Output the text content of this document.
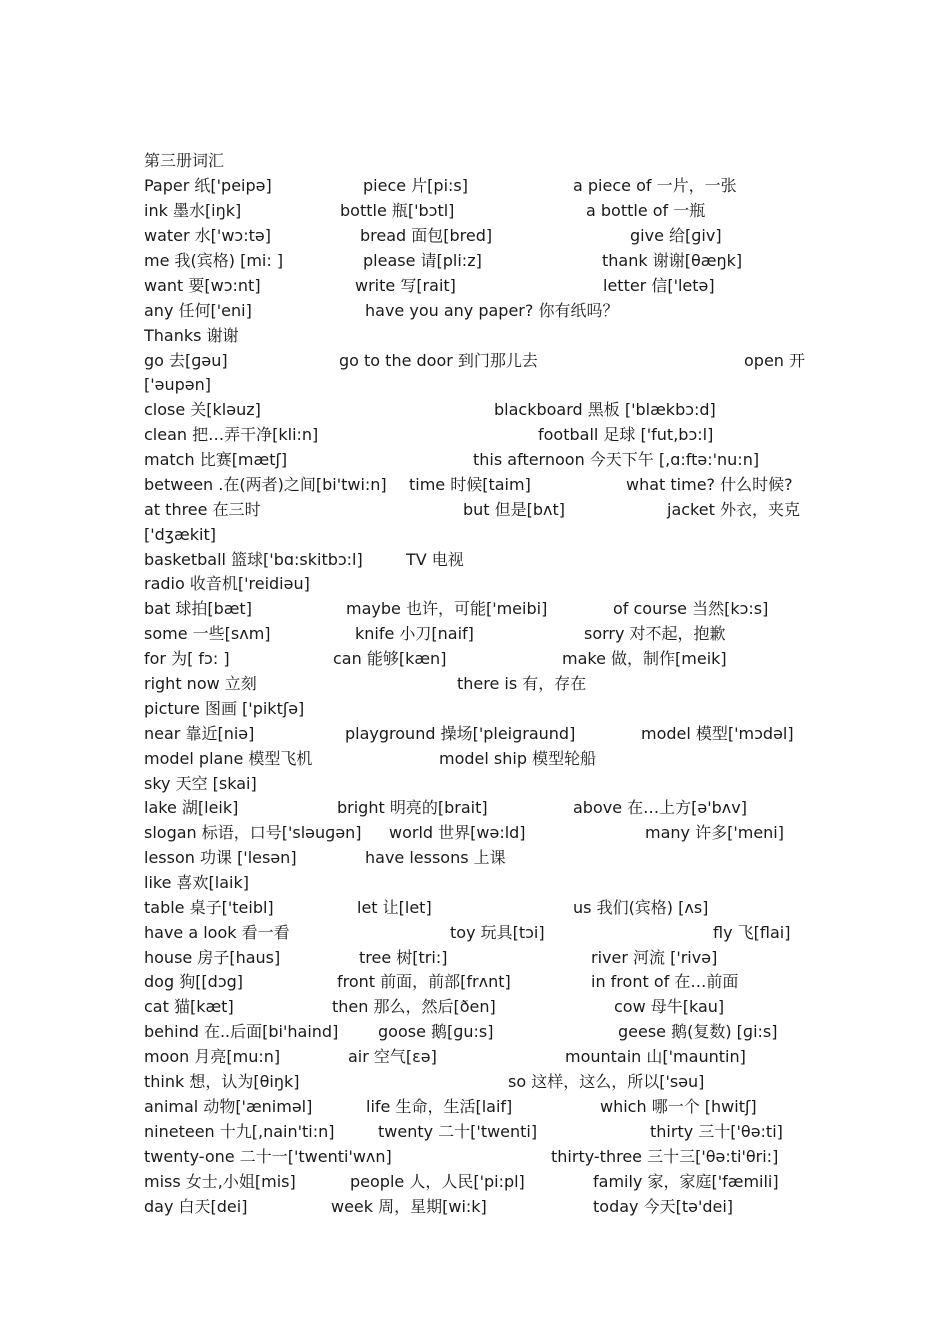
第三册词汇
Paper 纸['peipə]	piece 片[pi:s]	a piece of 一片，一张
ink 墨水[iŋk]	bottle 瓶['bɔtl]	a bottle of 一瓶
water 水['wɔ:tə]	bread 面包[bred]	give 给[ɡiv]
me 我(宾格) [mi: ]	please 请[pli:z]	thank 谢谢[θæŋk]
want 要[wɔ:nt]	write 写[rait]	letter 信['letə]
any 任何['eni]	have you any paper? 你有纸吗？
Thanks 谢谢
go 去[ɡəu]	go to the door 到门那儿去	open 开
['əupən]
close 关[kləuz]	blackboard 黑板 ['blækbɔ:d]
clean 把…弄干净[kli:n]	football 足球 ['fut,bɔ:l]
match 比赛[mætʃ]	this afternoon 今天下午 [,ɑ:ftə:'nu:n]
between .在(两者)之间[bi'twi:n] time 时候[taim]	what time? 什么时候?
at three 在三时	but 但是[bʌt]	jacket 外衣，夹克
['dʒækit]
basketball 篮球['bɑ:skitbɔ:l]	TV 电视
radio 收音机['reidiəu]
bat 球拍[bæt]	maybe 也许，可能['meibi]	of course 当然[kɔ:s]
some 一些[sʌm]	knife 小刀[naif]	sorry 对不起，抱歉
for 为[ fɔ: ]	can 能够[kæn]	make 做，制作[meik]
right now 立刻	there is 有，存在
picture 图画 ['piktʃə]
near 靠近[niə]	playground 操场['pleiɡraund]	model 模型['mɔdəl]
model plane 模型飞机	model ship 模型轮船
sky 天空 [skai]
lake 湖[leik]	bright 明亮的[brait]	above 在…上方[ə'bʌv]
slogan 标语，口号['sləuɡən] world 世界[wə:ld]	many 许多['meni]
lesson 功课 ['lesən]	have lessons 上课
like 喜欢[laik]
table 桌子['teibl]	let 让[let]	us 我们(宾格) [ʌs]
have a look 看一看	toy 玩具[tɔi]	fly 飞[flai]
house 房子[haus]	tree 树[tri:]	river 河流 ['rivə]
dog 狗[[dɔg]	front 前面，前部[frʌnt]	in front of 在…前面
cat 猫[kæt]	then 那么，然后[ðen]	cow 母牛[kau]
behind 在..后面[bi'haind] goose 鹅[ɡu:s]	geese 鹅(复数) [ɡi:s]
moon 月亮[mu:n]	air 空气[εə]	mountain 山['mauntin]
think 想，认为[θiŋk]	so 这样，这么，所以['səu]
animal 动物['æniməl]	life 生命，生活[laif]	which 哪一个 [hwitʃ]
nineteen 十九[,nain'ti:n]	twenty 二十['twenti]	thirty 三十['θə:ti]
twenty-one 二十一['twenti'wʌn]	thirty-three 三十三['θə:ti'θri:]
miss 女士,小姐[mis]	people 人，人民['pi:pl]	family 家，家庭['fæmili]
day 白天[dei]	week 周，星期[wi:k]	today 今天[tə'dei]
